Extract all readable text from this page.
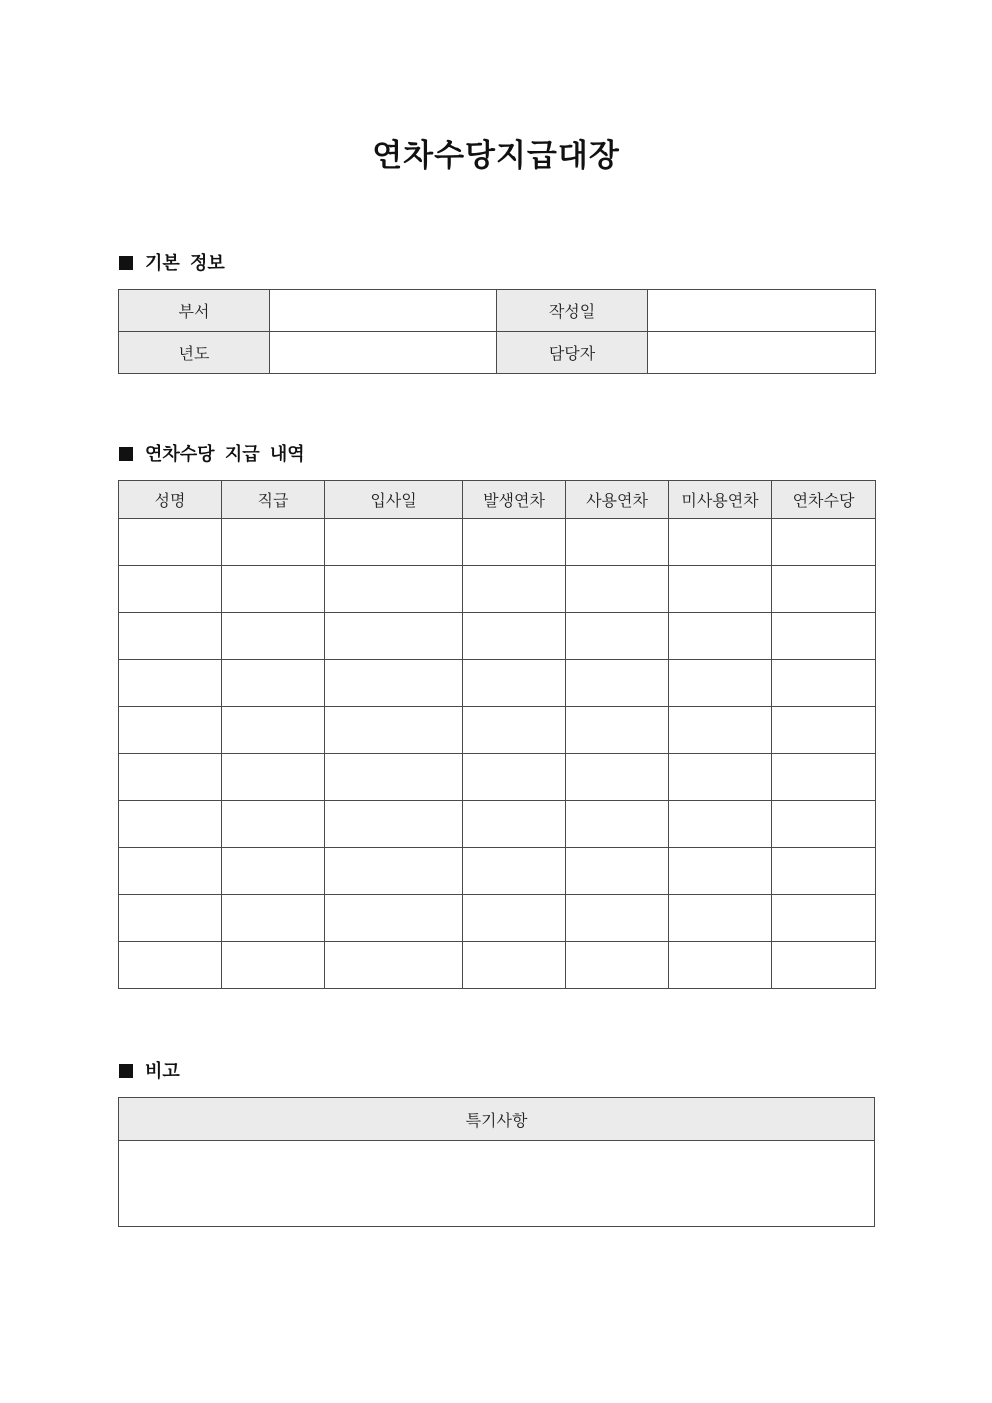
연차수당지급대장
기본 정보
부서		작성일	
년도		담당자	
연차수당 지급 내역
성명	직급	입사일	발생연차	사용연차	미사용연차	연차수당

비고
특기사항
